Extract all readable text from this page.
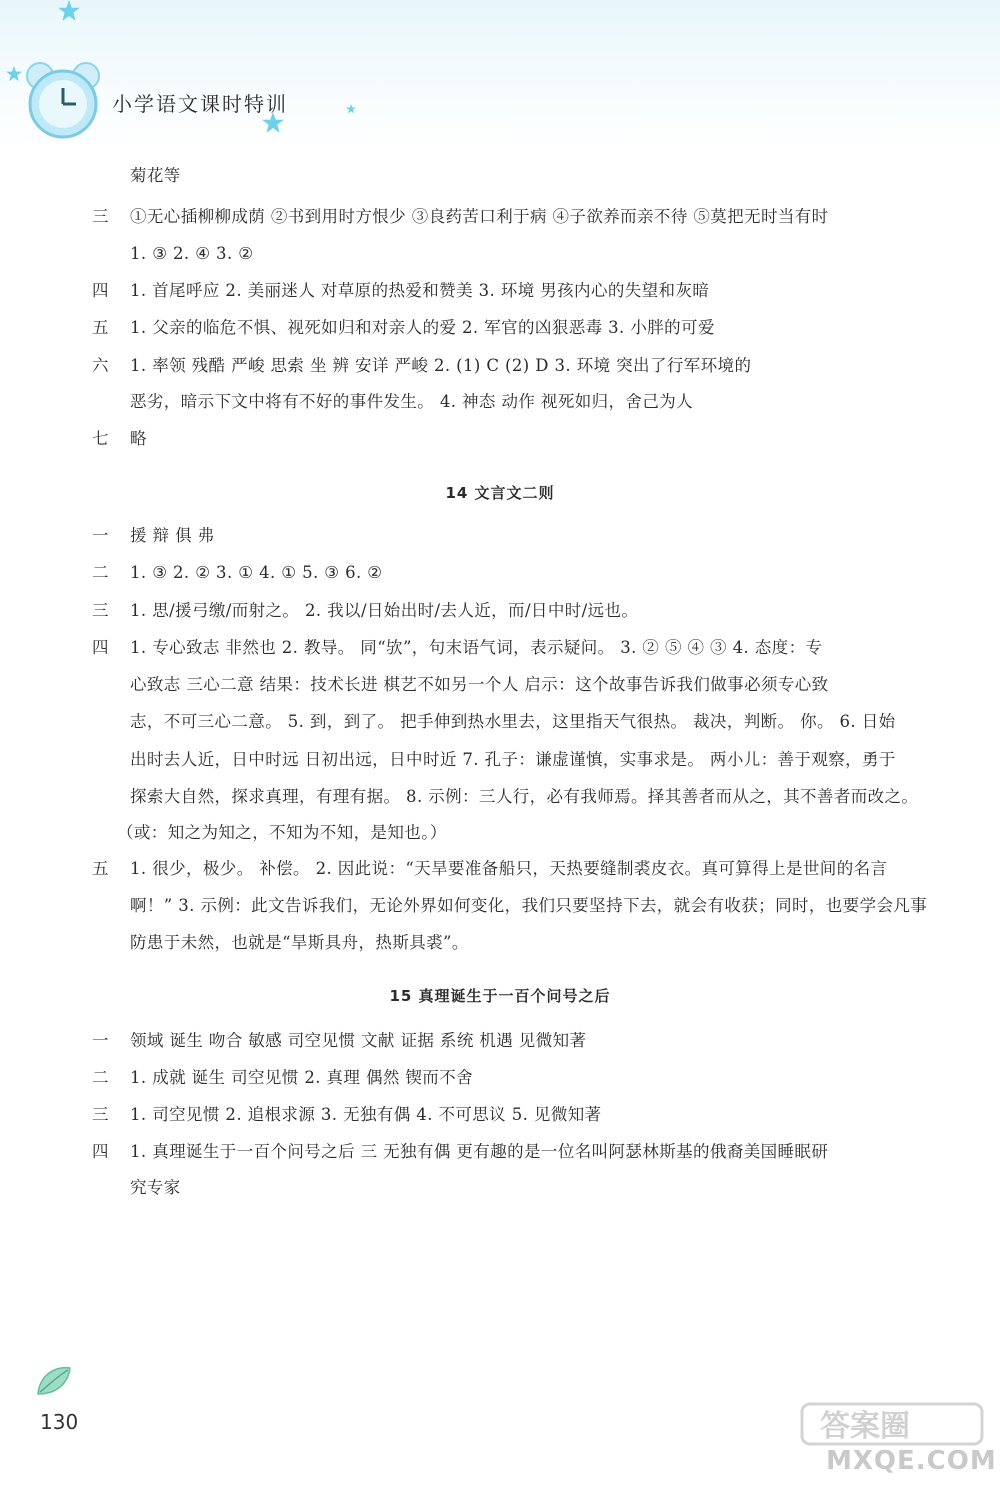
小学语文课时特训
菊花等
三 ①无心插柳柳成荫 ②书到用时方恨少 ③良药苦口利于病 ④子欲养而亲不待 ⑤莫把无时当有时
1. ③ 2. ④ 3. ②
四 1. 首尾呼应 2. 美丽迷人 对草原的热爱和赞美 3. 环境 男孩内心的失望和灰暗
五 1. 父亲的临危不惧、视死如归和对亲人的爱 2. 军官的凶狠恶毒 3. 小胖的可爱
六 1. 率领 残酷 严峻 思索 坐 辨 安详 严峻 2. (1) C (2) D 3. 环境 突出了行军环境的
恶劣，暗示下文中将有不好的事件发生。 4. 神态 动作 视死如归，舍己为人
七 略
14 文言文二则
一 援 辩 俱 弗
二 1. ③ 2. ② 3. ① 4. ① 5. ③ 6. ②
三 1. 思/援弓缴/而射之。 2. 我以/日始出时/去人近，而/日中时/远也。
四 1. 专心致志 非然也 2. 教导。 同“欤”，句末语气词，表示疑问。 3. ② ⑤ ④ ③ 4. 态度：专
心致志 三心二意 结果：技术长进 棋艺不如另一个人 启示：这个故事告诉我们做事必须专心致
志，不可三心二意。 5. 到，到了。 把手伸到热水里去，这里指天气很热。 裁决，判断。 你。 6. 日始
出时去人近，日中时远 日初出远，日中时近 7. 孔子：谦虚谨慎，实事求是。 两小儿：善于观察，勇于
探索大自然，探求真理，有理有据。 8. 示例：三人行，必有我师焉。择其善者而从之，其不善者而改之。
（或：知之为知之，不知为不知，是知也。）
五 1. 很少，极少。 补偿。 2. 因此说：“天旱要准备船只，天热要缝制裘皮衣。真可算得上是世间的名言
啊！” 3. 示例：此文告诉我们，无论外界如何变化，我们只要坚持下去，就会有收获；同时，也要学会凡事
防患于未然，也就是“旱斯具舟，热斯具裘”。
15 真理诞生于一百个问号之后
一 领域 诞生 吻合 敏感 司空见惯 文献 证据 系统 机遇 见微知著
二 1. 成就 诞生 司空见惯 2. 真理 偶然 锲而不舍
三 1. 司空见惯 2. 追根求源 3. 无独有偶 4. 不可思议 5. 见微知著
四 1. 真理诞生于一百个问号之后 三 无独有偶 更有趣的是一位名叫阿瑟林斯基的俄裔美国睡眠研
究专家
130	答案圈
MXQE.COM
